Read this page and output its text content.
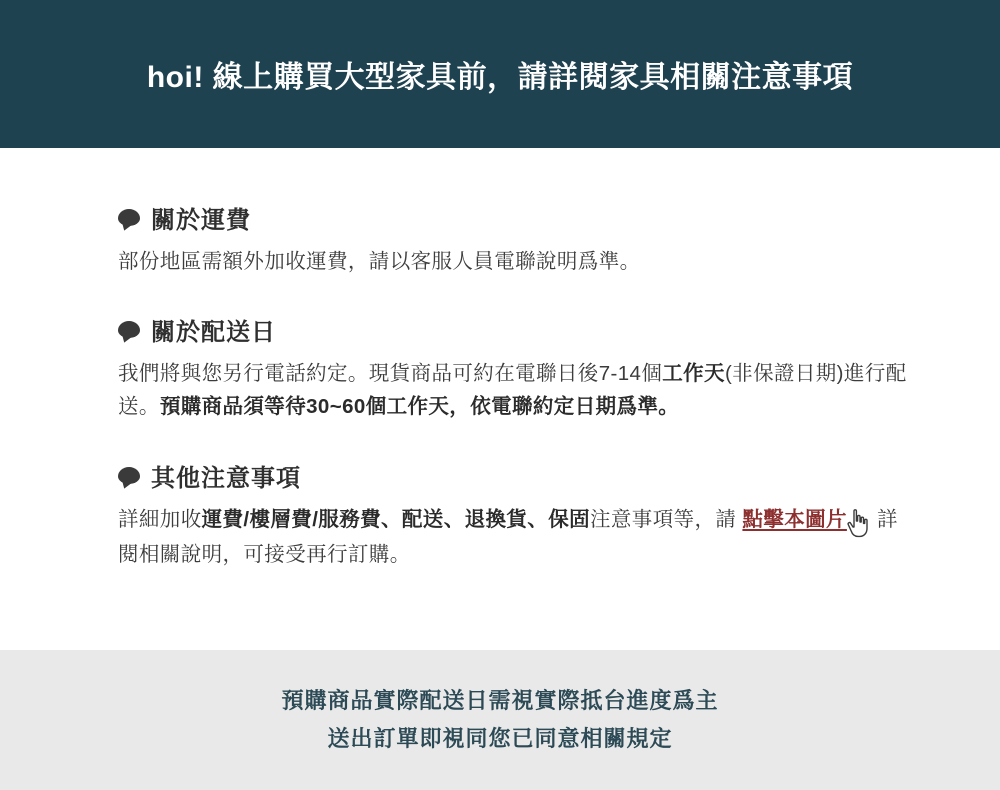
hoi! 線上購買大型家具前，請詳閱家具相關注意事項
關於運費
部份地區需額外加收運費，請以客服人員電聯說明爲準。
關於配送日
我們將與您另行電話約定。現貨商品可約在電聯日後7-14個工作天(非保證日期)進行配送。預購商品須等待30~60個工作天，依電聯約定日期爲準。
其他注意事項
詳細加收運費/樓層費/服務費、配送、退換貨、保固注意事項等，請 點擊本圖片
詳閱相關說明，可接受再行訂購。
預購商品實際配送日需視實際抵台進度爲主
送出訂單即視同您已同意相關規定
